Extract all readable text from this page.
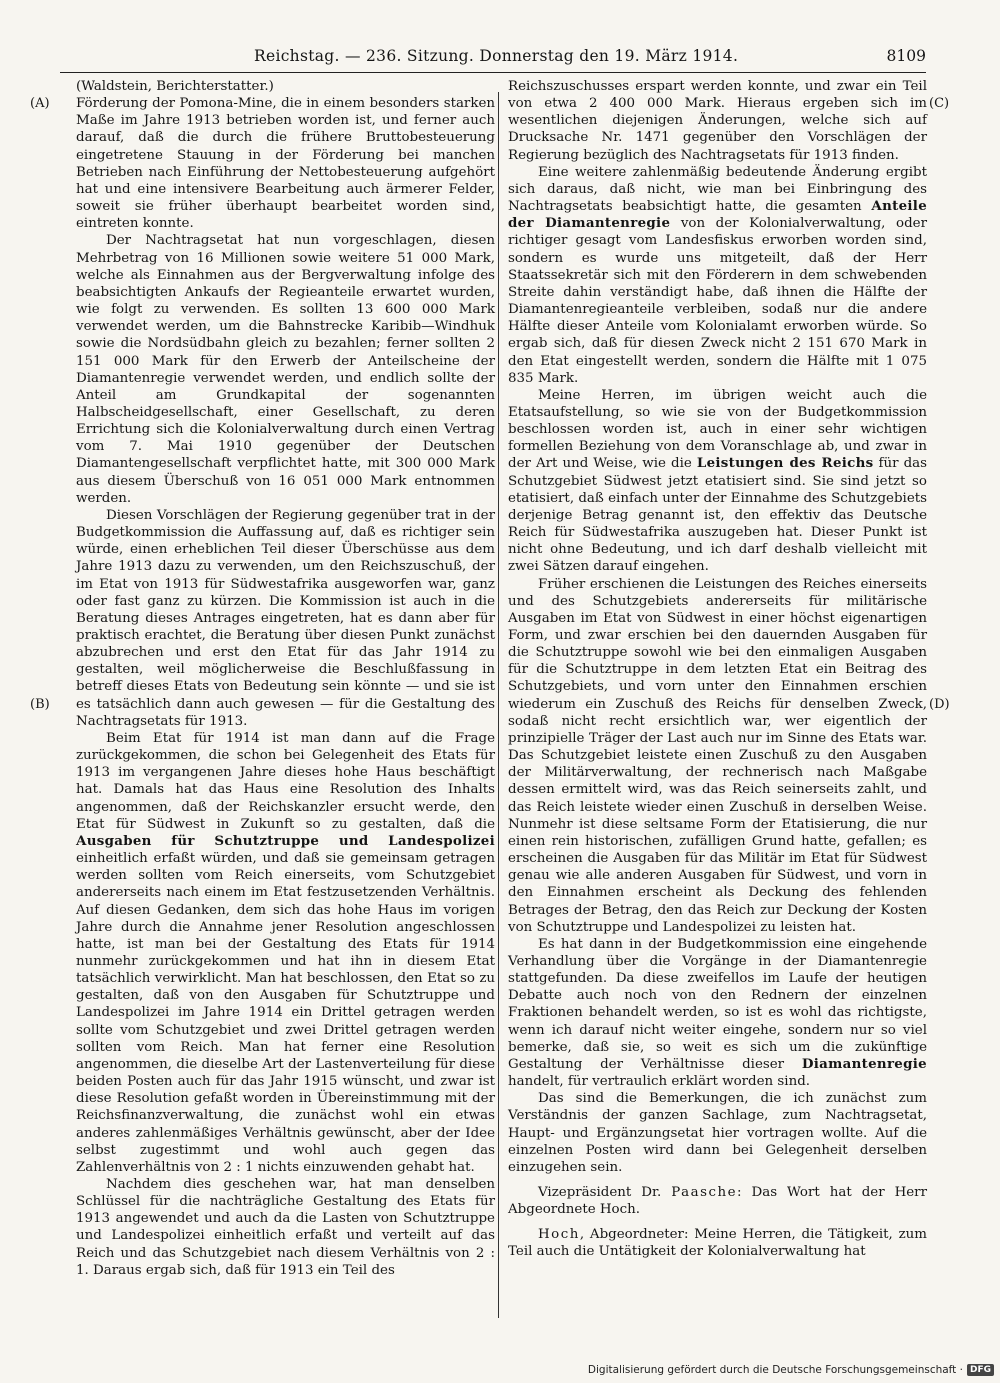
Reichstag. — 236. Sitzung. Donnerstag den 19. März 1914.	8109
(A)
(B)
(C)
(D)

(Waldstein, Berichterstatter.)

Förderung der Pomona-Mine, die in einem besonders starken Maße im Jahre 1913 betrieben worden ist, und ferner auch darauf, daß die durch die frühere Bruttobesteuerung eingetretene Stauung in der Förderung bei manchen Betrieben nach Einführung der Nettobesteuerung aufgehört hat und eine intensivere Bearbeitung auch ärmerer Felder, soweit sie früher überhaupt bearbeitet worden sind, eintreten konnte.

Der Nachtragsetat hat nun vorgeschlagen, diesen Mehrbetrag von 16 Millionen sowie weitere 51 000 Mark, welche als Einnahmen aus der Bergverwaltung infolge des beabsichtigten Ankaufs der Regieanteile erwartet wurden, wie folgt zu verwenden. Es sollten 13 600 000 Mark verwendet werden, um die Bahnstrecke Karibib—Windhuk sowie die Nordsüdbahn gleich zu bezahlen; ferner sollten 2 151 000 Mark für den Erwerb der Anteilscheine der Diamantenregie verwendet werden, und endlich sollte der Anteil am Grundkapital der sogenannten Halbscheidgesellschaft, einer Gesellschaft, zu deren Errichtung sich die Kolonialverwaltung durch einen Vertrag vom 7. Mai 1910 gegenüber der Deutschen Diamantengesellschaft verpflichtet hatte, mit 300 000 Mark aus diesem Überschuß von 16 051 000 Mark entnommen werden.

Diesen Vorschlägen der Regierung gegenüber trat in der Budgetkommission die Auffassung auf, daß es richtiger sein würde, einen erheblichen Teil dieser Überschüsse aus dem Jahre 1913 dazu zu verwenden, um den Reichszuschuß, der im Etat von 1913 für Südwestafrika ausgeworfen war, ganz oder fast ganz zu kürzen. Die Kommission ist auch in die Beratung dieses Antrages eingetreten, hat es dann aber für praktisch erachtet, die Beratung über diesen Punkt zunächst abzubrechen und erst den Etat für das Jahr 1914 zu gestalten, weil möglicherweise die Beschlußfassung in betreff dieses Etats von Bedeutung sein könnte — und sie ist es tatsächlich dann auch gewesen — für die Gestaltung des Nachtragsetats für 1913.

Beim Etat für 1914 ist man dann auf die Frage zurückgekommen, die schon bei Gelegenheit des Etats für 1913 im vergangenen Jahre dieses hohe Haus beschäftigt hat. Damals hat das Haus eine Resolution des Inhalts angenommen, daß der Reichskanzler ersucht werde, den Etat für Südwest in Zukunft so zu gestalten, daß die Ausgaben für Schutztruppe und Landespolizei einheitlich erfaßt würden, und daß sie gemeinsam getragen werden sollten vom Reich einerseits, vom Schutzgebiet andererseits nach einem im Etat festzusetzenden Verhältnis. Auf diesen Gedanken, dem sich das hohe Haus im vorigen Jahre durch die Annahme jener Resolution angeschlossen hatte, ist man bei der Gestaltung des Etats für 1914 nunmehr zurückgekommen und hat ihn in diesem Etat tatsächlich verwirklicht. Man hat beschlossen, den Etat so zu gestalten, daß von den Ausgaben für Schutztruppe und Landespolizei im Jahre 1914 ein Drittel getragen werden sollte vom Schutzgebiet und zwei Drittel getragen werden sollten vom Reich. Man hat ferner eine Resolution angenommen, die dieselbe Art der Lastenverteilung für diese beiden Posten auch für das Jahr 1915 wünscht, und zwar ist diese Resolution gefaßt worden in Übereinstimmung mit der Reichsfinanzverwaltung, die zunächst wohl ein etwas anderes zahlenmäßiges Verhältnis gewünscht, aber der Idee selbst zugestimmt und wohl auch gegen das Zahlenverhältnis von 2 : 1 nichts einzuwenden gehabt hat.

Nachdem dies geschehen war, hat man denselben Schlüssel für die nachträgliche Gestaltung des Etats für 1913 angewendet und auch da die Lasten von Schutztruppe und Landespolizei einheitlich erfaßt und verteilt auf das Reich und das Schutzgebiet nach diesem Verhältnis von 2 : 1. Daraus ergab sich, daß für 1913 ein Teil des

Reichszuschusses erspart werden konnte, und zwar ein Teil von etwa 2 400 000 Mark. Hieraus ergeben sich im wesentlichen diejenigen Änderungen, welche sich auf Drucksache Nr. 1471 gegenüber den Vorschlägen der Regierung bezüglich des Nachtragsetats für 1913 finden.

Eine weitere zahlenmäßig bedeutende Änderung ergibt sich daraus, daß nicht, wie man bei Einbringung des Nachtragsetats beabsichtigt hatte, die gesamten Anteile der Diamantenregie von der Kolonialverwaltung, oder richtiger gesagt vom Landesfiskus erworben worden sind, sondern es wurde uns mitgeteilt, daß der Herr Staatssekretär sich mit den Förderern in dem schwebenden Streite dahin verständigt habe, daß ihnen die Hälfte der Diamantenregieanteile verbleiben, sodaß nur die andere Hälfte dieser Anteile vom Kolonialamt erworben würde. So ergab sich, daß für diesen Zweck nicht 2 151 670 Mark in den Etat eingestellt werden, sondern die Hälfte mit 1 075 835 Mark.

Meine Herren, im übrigen weicht auch die Etatsaufstellung, so wie sie von der Budgetkommission beschlossen worden ist, auch in einer sehr wichtigen formellen Beziehung von dem Voranschlage ab, und zwar in der Art und Weise, wie die Leistungen des Reichs für das Schutzgebiet Südwest jetzt etatisiert sind. Sie sind jetzt so etatisiert, daß einfach unter der Einnahme des Schutzgebiets derjenige Betrag genannt ist, den effektiv das Deutsche Reich für Südwestafrika auszugeben hat. Dieser Punkt ist nicht ohne Bedeutung, und ich darf deshalb vielleicht mit zwei Sätzen darauf eingehen.

Früher erschienen die Leistungen des Reiches einerseits und des Schutzgebiets andererseits für militärische Ausgaben im Etat von Südwest in einer höchst eigenartigen Form, und zwar erschien bei den dauernden Ausgaben für die Schutztruppe sowohl wie bei den einmaligen Ausgaben für die Schutztruppe in dem letzten Etat ein Beitrag des Schutzgebiets, und vorn unter den Einnahmen erschien wiederum ein Zuschuß des Reichs für denselben Zweck, sodaß nicht recht ersichtlich war, wer eigentlich der prinzipielle Träger der Last auch nur im Sinne des Etats war. Das Schutzgebiet leistete einen Zuschuß zu den Ausgaben der Militärverwaltung, der rechnerisch nach Maßgabe dessen ermittelt wird, was das Reich seinerseits zahlt, und das Reich leistete wieder einen Zuschuß in derselben Weise. Nunmehr ist diese seltsame Form der Etatisierung, die nur einen rein historischen, zufälligen Grund hatte, gefallen; es erscheinen die Ausgaben für das Militär im Etat für Südwest genau wie alle anderen Ausgaben für Südwest, und vorn in den Einnahmen erscheint als Deckung des fehlenden Betrages der Betrag, den das Reich zur Deckung der Kosten von Schutztruppe und Landespolizei zu leisten hat.

Es hat dann in der Budgetkommission eine eingehende Verhandlung über die Vorgänge in der Diamantenregie stattgefunden. Da diese zweifellos im Laufe der heutigen Debatte auch noch von den Rednern der einzelnen Fraktionen behandelt werden, so ist es wohl das richtigste, wenn ich darauf nicht weiter eingehe, sondern nur so viel bemerke, daß sie, so weit es sich um die zukünftige Gestaltung der Verhältnisse dieser Diamantenregie handelt, für vertraulich erklärt worden sind.

Das sind die Bemerkungen, die ich zunächst zum Verständnis der ganzen Sachlage, zum Nachtragsetat, Haupt- und Ergänzungsetat hier vortragen wollte. Auf die einzelnen Posten wird dann bei Gelegenheit derselben einzugehen sein.

Vizepräsident Dr. Paasche: Das Wort hat der Herr Abgeordnete Hoch.

Hoch, Abgeordneter: Meine Herren, die Tätigkeit, zum Teil auch die Untätigkeit der Kolonialverwaltung hat

Digitalisierung gefördert durch die Deutsche Forschungsgemeinschaft · DFG
